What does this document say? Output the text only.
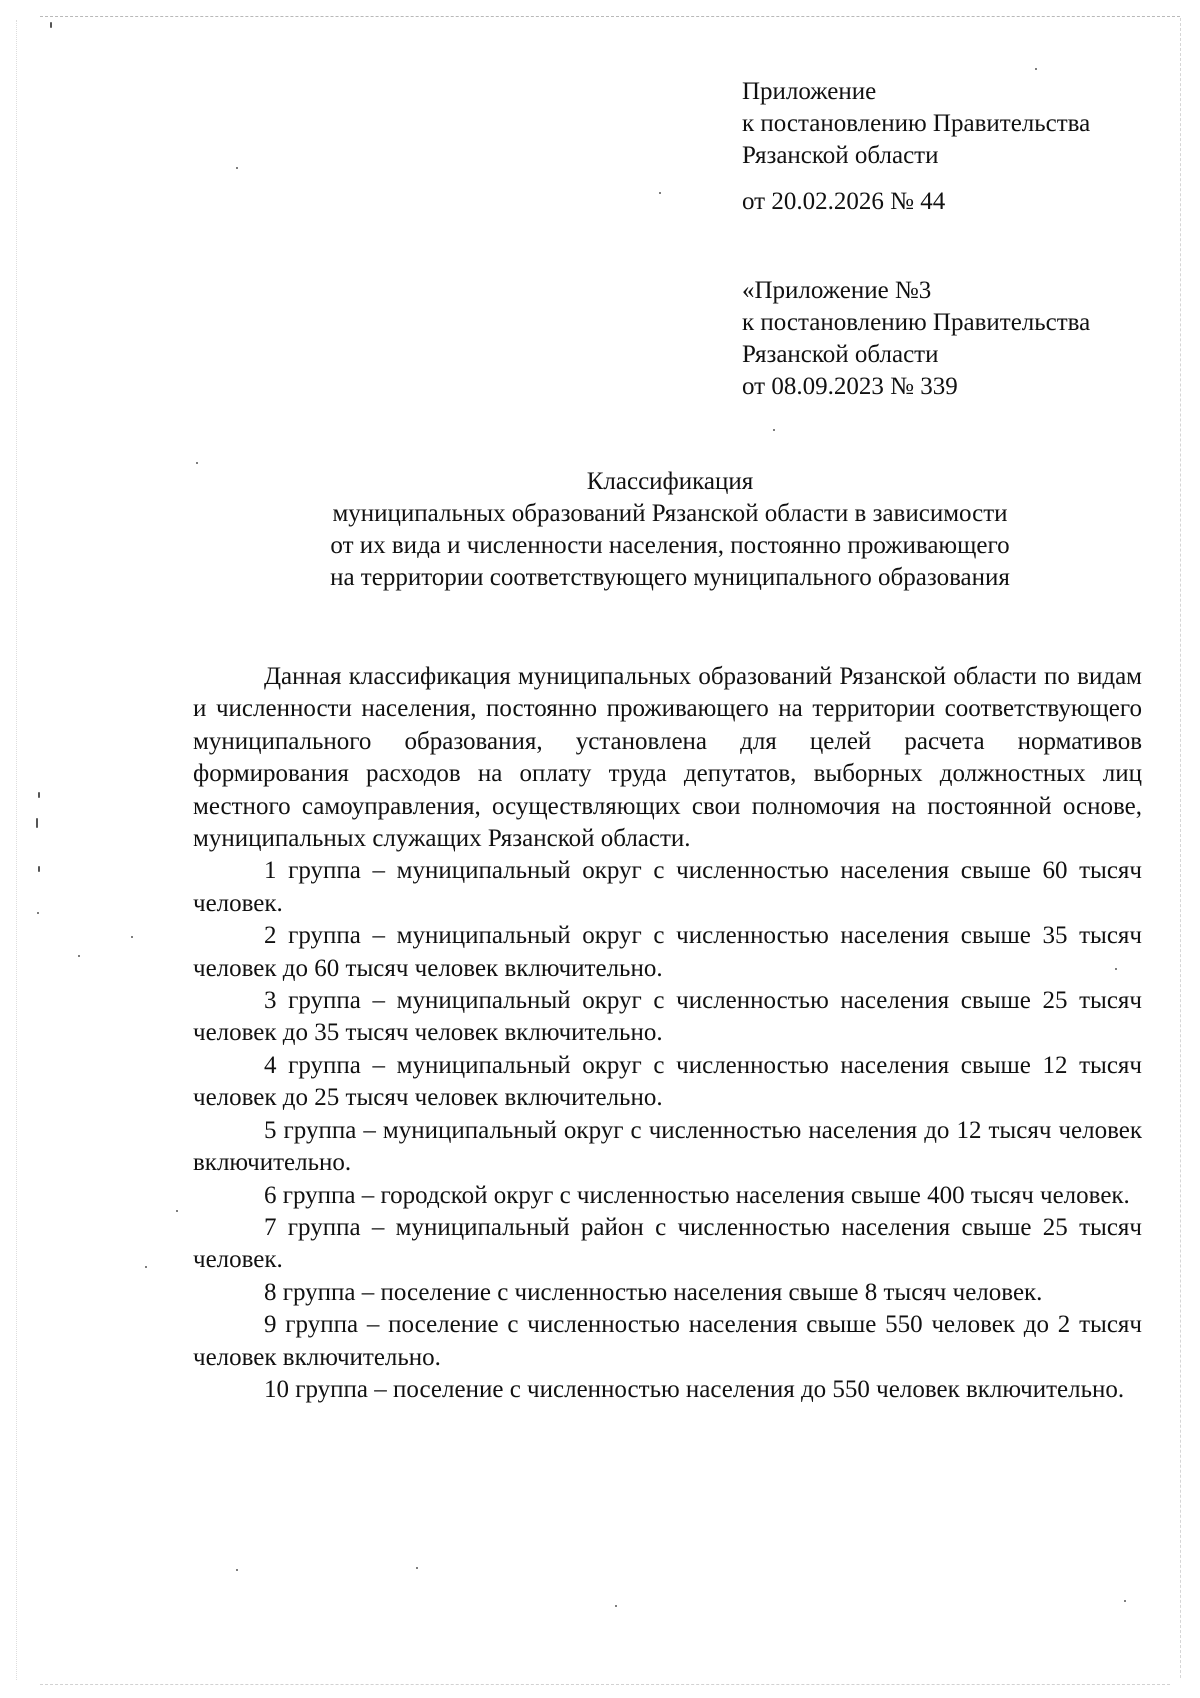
Приложение
к постановлению Правительства
Рязанской области
от 20.02.2026 № 44
«Приложение №3
к постановлению Правительства
Рязанской области
от 08.09.2023 № 339
Классификация
муниципальных образований Рязанской области в зависимости
от их вида и численности населения, постоянно проживающего
на территории соответствующего муниципального образования

Данная классификация муниципальных образований Рязанской области по видам и численности населения, постоянно проживающего на территории соответствующего муниципального образования, установлена для целей расчета нормативов формирования расходов на оплату труда депутатов, выборных должностных лиц местного самоуправления, осуществляющих свои полномочия на постоянной основе, муниципальных служащих Рязанской области.

1 группа – муниципальный округ с численностью населения свыше 60 тысяч человек.

2 группа – муниципальный округ с численностью населения свыше 35 тысяч человек до 60 тысяч человек включительно.

3 группа – муниципальный округ с численностью населения свыше 25 тысяч человек до 35 тысяч человек включительно.

4 группа – муниципальный округ с численностью населения свыше 12 тысяч человек до 25 тысяч человек включительно.

5 группа – муниципальный округ с численностью населения до 12 тысяч человек включительно.

6 группа – городской округ с численностью населения свыше 400 тысяч человек.

7 группа – муниципальный район с численностью населения свыше 25 тысяч человек.

8 группа – поселение с численностью населения свыше 8 тысяч человек.

9 группа – поселение с численностью населения свыше 550 человек до 2 тысяч человек включительно.

10 группа – поселение с численностью населения до 550 человек включительно.
